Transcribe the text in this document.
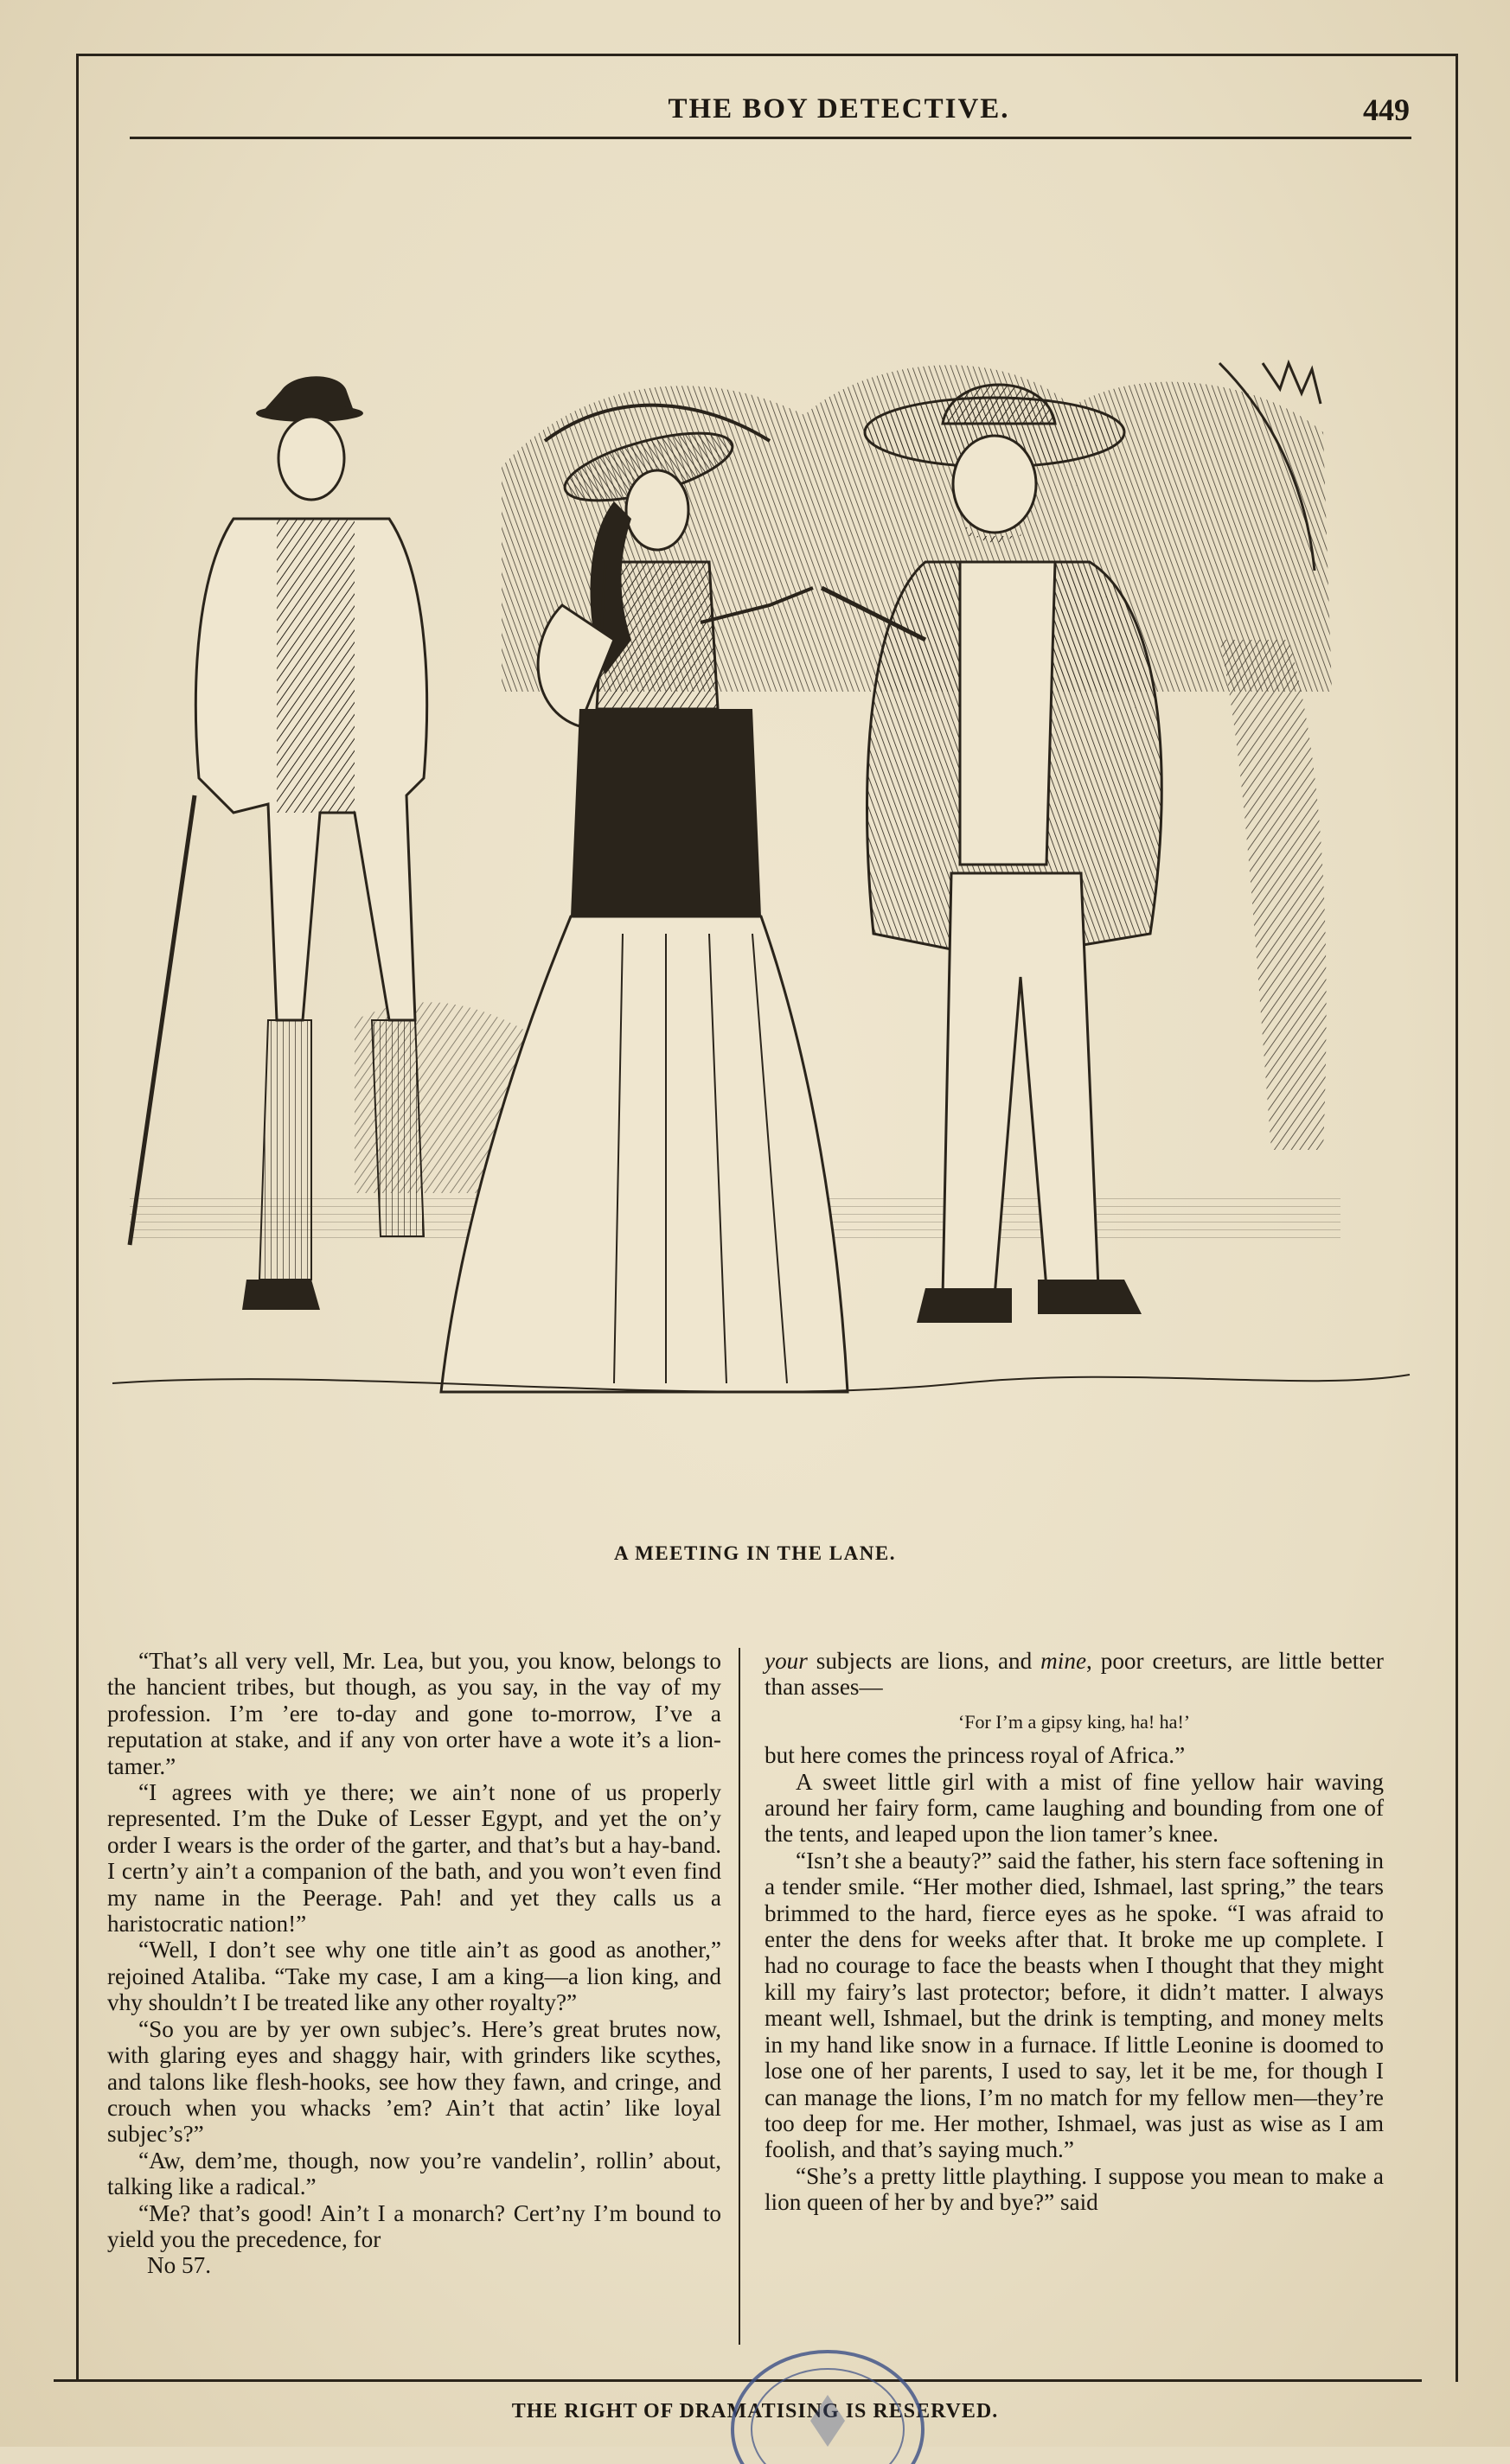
THE BOY DETECTIVE.	449
A MEETING IN THE LANE.

“That’s all very vell, Mr. Lea, but you, you know, belongs to the hancient tribes, but though, as you say, in the vay of my profession. I’m ’ere to-day and gone to-morrow, I’ve a reputation at stake, and if any von orter have a wote it’s a lion-tamer.”

“I agrees with ye there; we ain’t none of us properly represented. I’m the Duke of Lesser Egypt, and yet the on’y order I wears is the order of the garter, and that’s but a hay-band. I certn’y ain’t a companion of the bath, and you won’t even find my name in the Peerage. Pah! and yet they calls us a haristocratic nation!”

“Well, I don’t see why one title ain’t as good as another,” rejoined Ataliba. “Take my case, I am a king—a lion king, and vhy shouldn’t I be treated like any other royalty?”

“So you are by yer own subjec’s. Here’s great brutes now, with glaring eyes and shaggy hair, with grinders like scythes, and talons like flesh-hooks, see how they fawn, and cringe, and crouch when you whacks ’em? Ain’t that actin’ like loyal subjec’s?”

“Aw, dem’me, though, now you’re vandelin’, rollin’ about, talking like a radical.”

“Me? that’s good! Ain’t I a monarch? Cert’ny I’m bound to yield you the precedence, for

No 57.

your subjects are lions, and mine, poor creeturs, are little better than asses—

‘For I’m a gipsy king, ha! ha!’

but here comes the princess royal of Africa.”

A sweet little girl with a mist of fine yellow hair waving around her fairy form, came laughing and bounding from one of the tents, and leaped upon the lion tamer’s knee.

“Isn’t she a beauty?” said the father, his stern face softening in a tender smile. “Her mother died, Ishmael, last spring,” the tears brimmed to the hard, fierce eyes as he spoke. “I was afraid to enter the dens for weeks after that. It broke me up complete. I had no courage to face the beasts when I thought that they might kill my fairy’s last protector; before, it didn’t matter. I always meant well, Ishmael, but the drink is tempting, and money melts in my hand like snow in a furnace. If little Leonine is doomed to lose one of her parents, I used to say, let it be me, for though I can manage the lions, I’m no match for my fellow men—they’re too deep for me. Her mother, Ishmael, was just as wise as I am foolish, and that’s saying much.”

“She’s a pretty little plaything. I suppose you mean to make a lion queen of her by and bye?” said

THE RIGHT OF DRAMATISING IS RESERVED.
